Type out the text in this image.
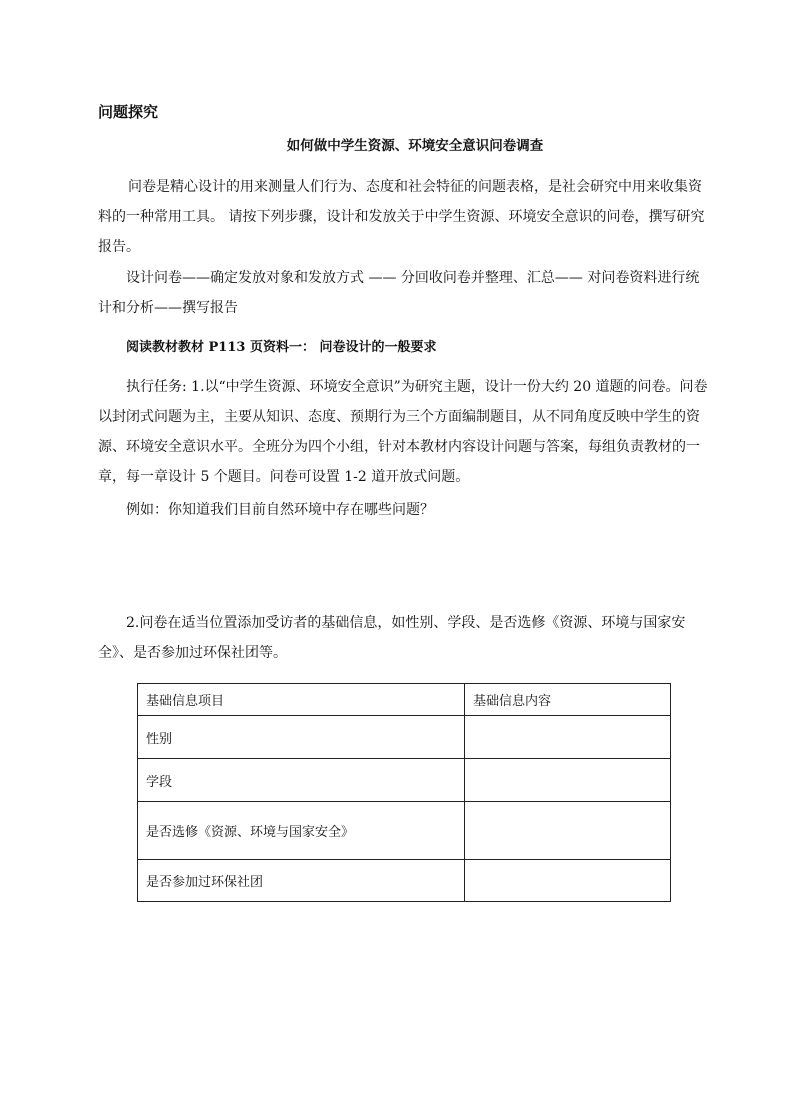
问题探究
如何做中学生资源、环境安全意识问卷调查
问卷是精心设计的用来测量人们行为、态度和社会特征的问题表格，是社会研究中用来收集资料的一种常用工具。 请按下列步骤，设计和发放关于中学生资源、环境安全意识的问卷，撰写研究报告。
设计问卷——确定发放对象和发放方式 —— 分回收问卷并整理、汇总—— 对问卷资料进行统计和分析——撰写报告
阅读教材教材 P113 页资料一： 问卷设计的一般要求
执行任务: 1.以“中学生资源、环境安全意识”为研究主题，设计一份大约 20 道题的问卷。问卷以封闭式问题为主，主要从知识、态度、预期行为三个方面编制题目，从不同角度反映中学生的资源、环境安全意识水平。全班分为四个小组，针对本教材内容设计问题与答案，每组负责教材的一章，每一章设计 5 个题目。问卷可设置 1-2 道开放式问题。
例如：你知道我们目前自然环境中存在哪些问题？
2.问卷在适当位置添加受访者的基础信息，如性别、学段、是否选修《资源、环境与国家安全》、是否参加过环保社团等。
基础信息项目	基础信息内容
性别	
学段	
是否选修《资源、环境与国家安全》	
是否参加过环保社团	
